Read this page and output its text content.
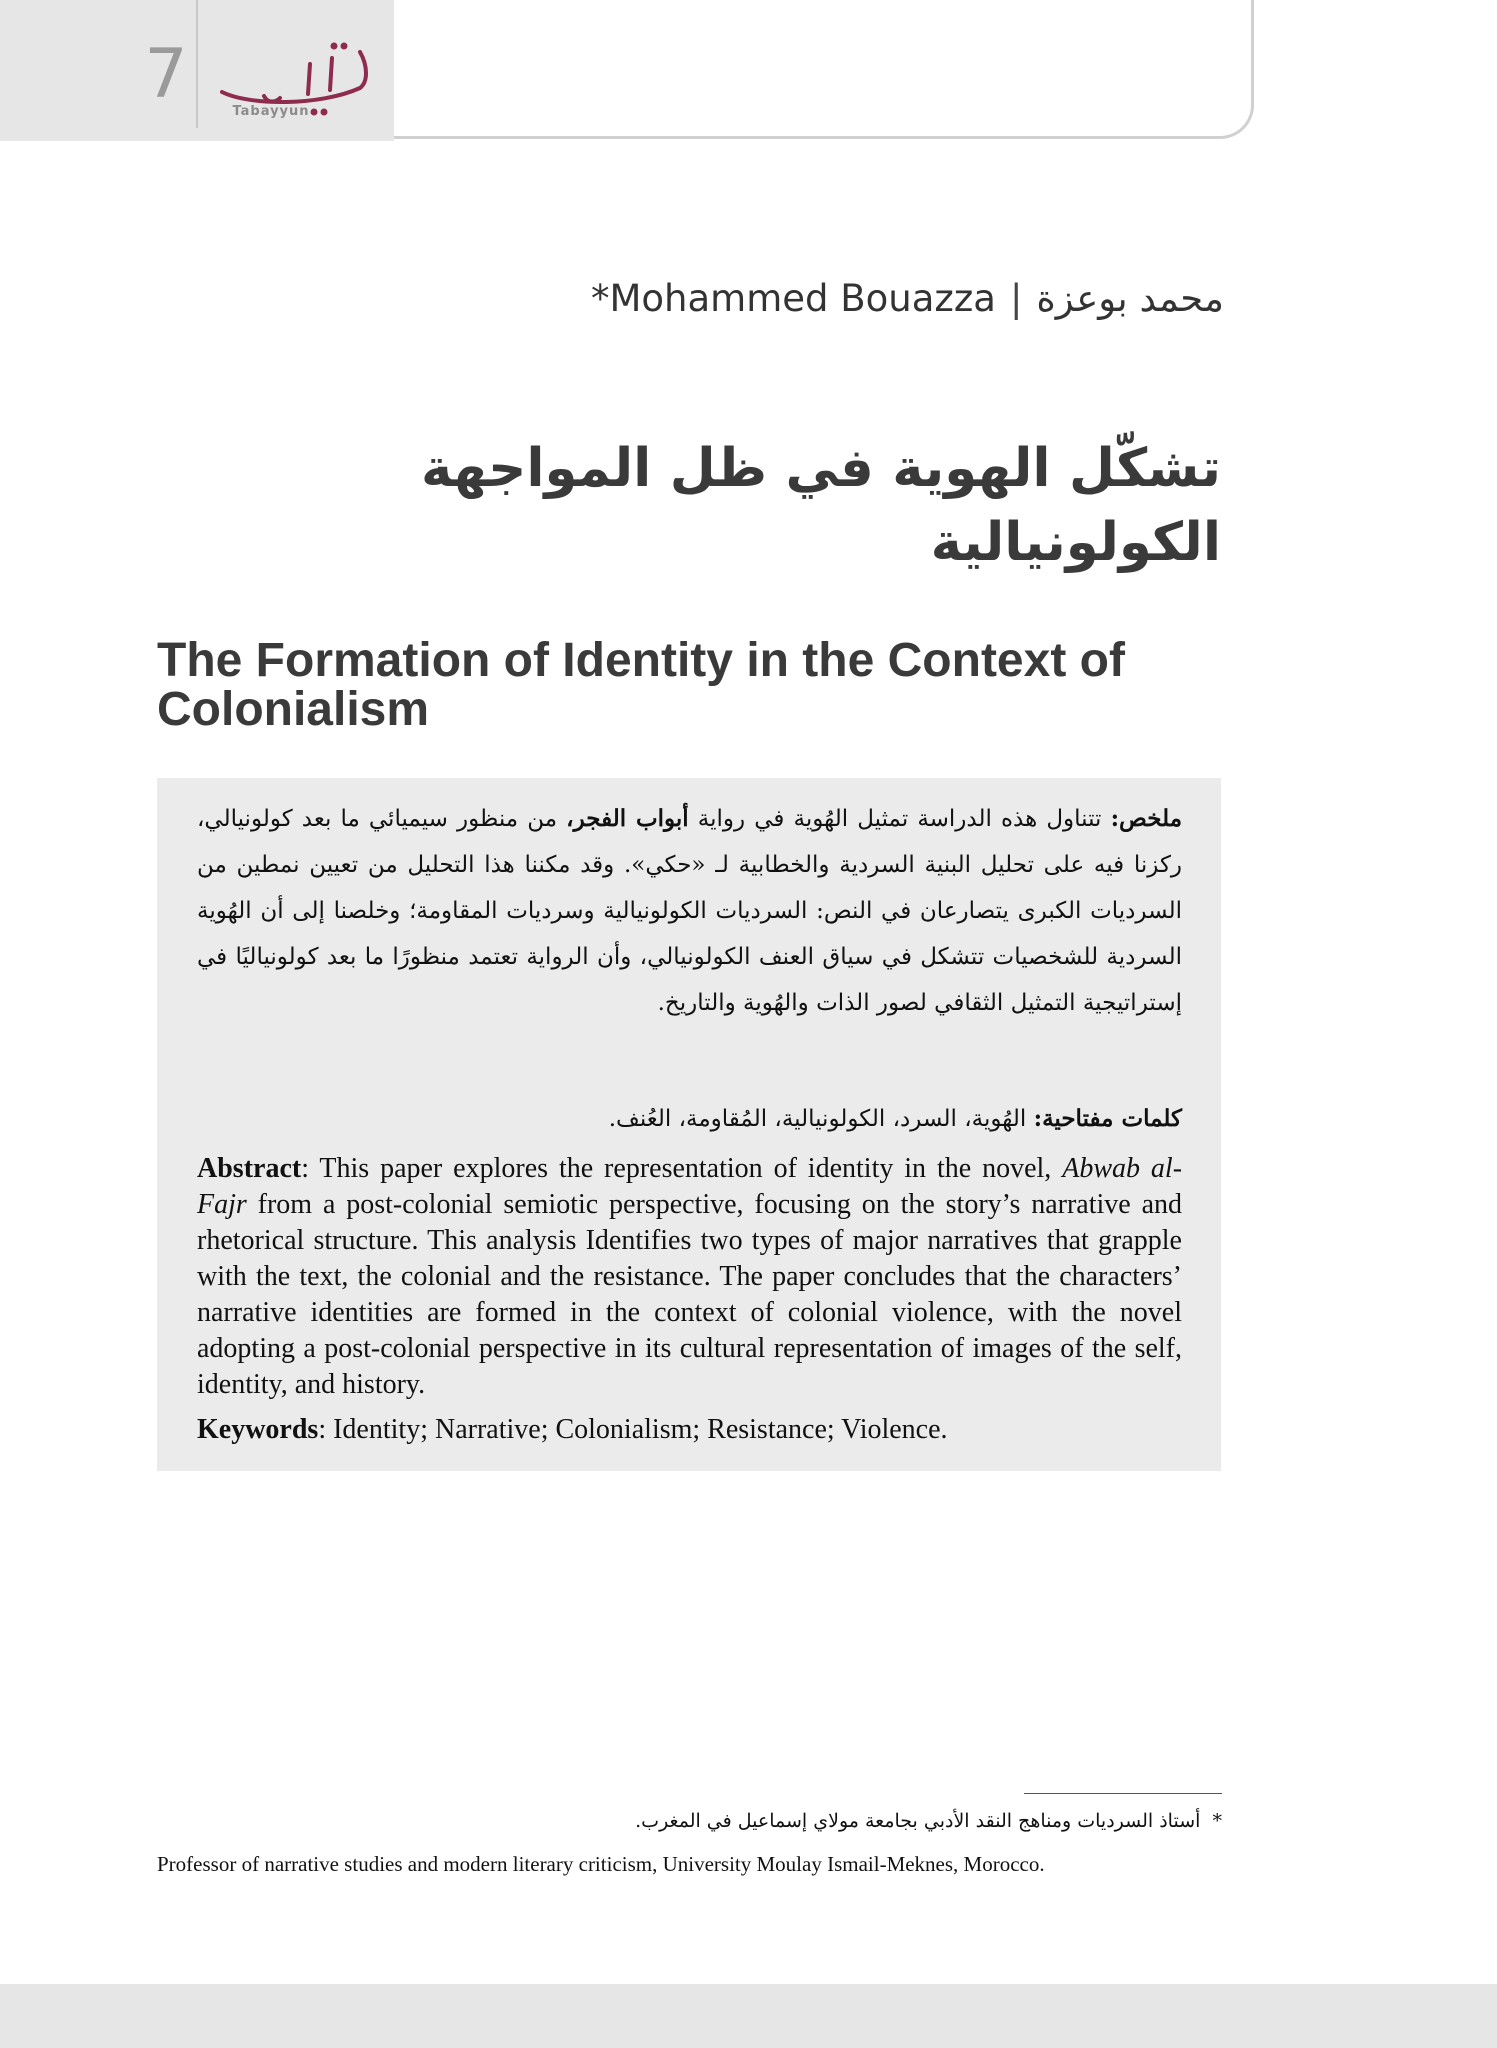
7	Tabayyun
*Mohammed Bouazza | محمد بوعزة
تشكّل الهوية في ظل المواجهة
الكولونيالية
The Formation of Identity in the Context of
Colonialism
ملخص: تتناول هذه الدراسة تمثيل الهُوية في رواية أبواب الفجر، من منظور سيميائي ما بعد كولونيالي، ركزنا فيه على تحليل البنية السردية والخطابية لـ «حكي». وقد مكننا هذا التحليل من تعيين نمطين من السرديات الكبرى يتصارعان في النص: السرديات الكولونيالية وسرديات المقاومة؛ وخلصنا إلى أن الهُوية السردية للشخصيات تتشكل في سياق العنف الكولونيالي، وأن الرواية تعتمد منظورًا ما بعد كولونياليًا في إستراتيجية التمثيل الثقافي لصور الذات والهُوية والتاريخ.
كلمات مفتاحية: الهُوية، السرد، الكولونيالية، المُقاومة، العُنف.
Abstract: This paper explores the representation of identity in the novel, Abwab al-Fajr from a post-colonial semiotic perspective, focusing on the story’s narrative and rhetorical structure. This analysis Identifies two types of major narratives that grapple with the text, the colonial and the resistance. The paper concludes that the characters’ narrative identities are formed in the context of colonial violence, with the novel adopting a post-colonial perspective in its cultural representation of images of the self, identity, and history.
Keywords: Identity; Narrative; Colonialism; Resistance; Violence.
*  أستاذ السرديات ومناهج النقد الأدبي بجامعة مولاي إسماعيل في المغرب.
Professor of narrative studies and modern literary criticism, University Moulay Ismail-Meknes, Morocco.
